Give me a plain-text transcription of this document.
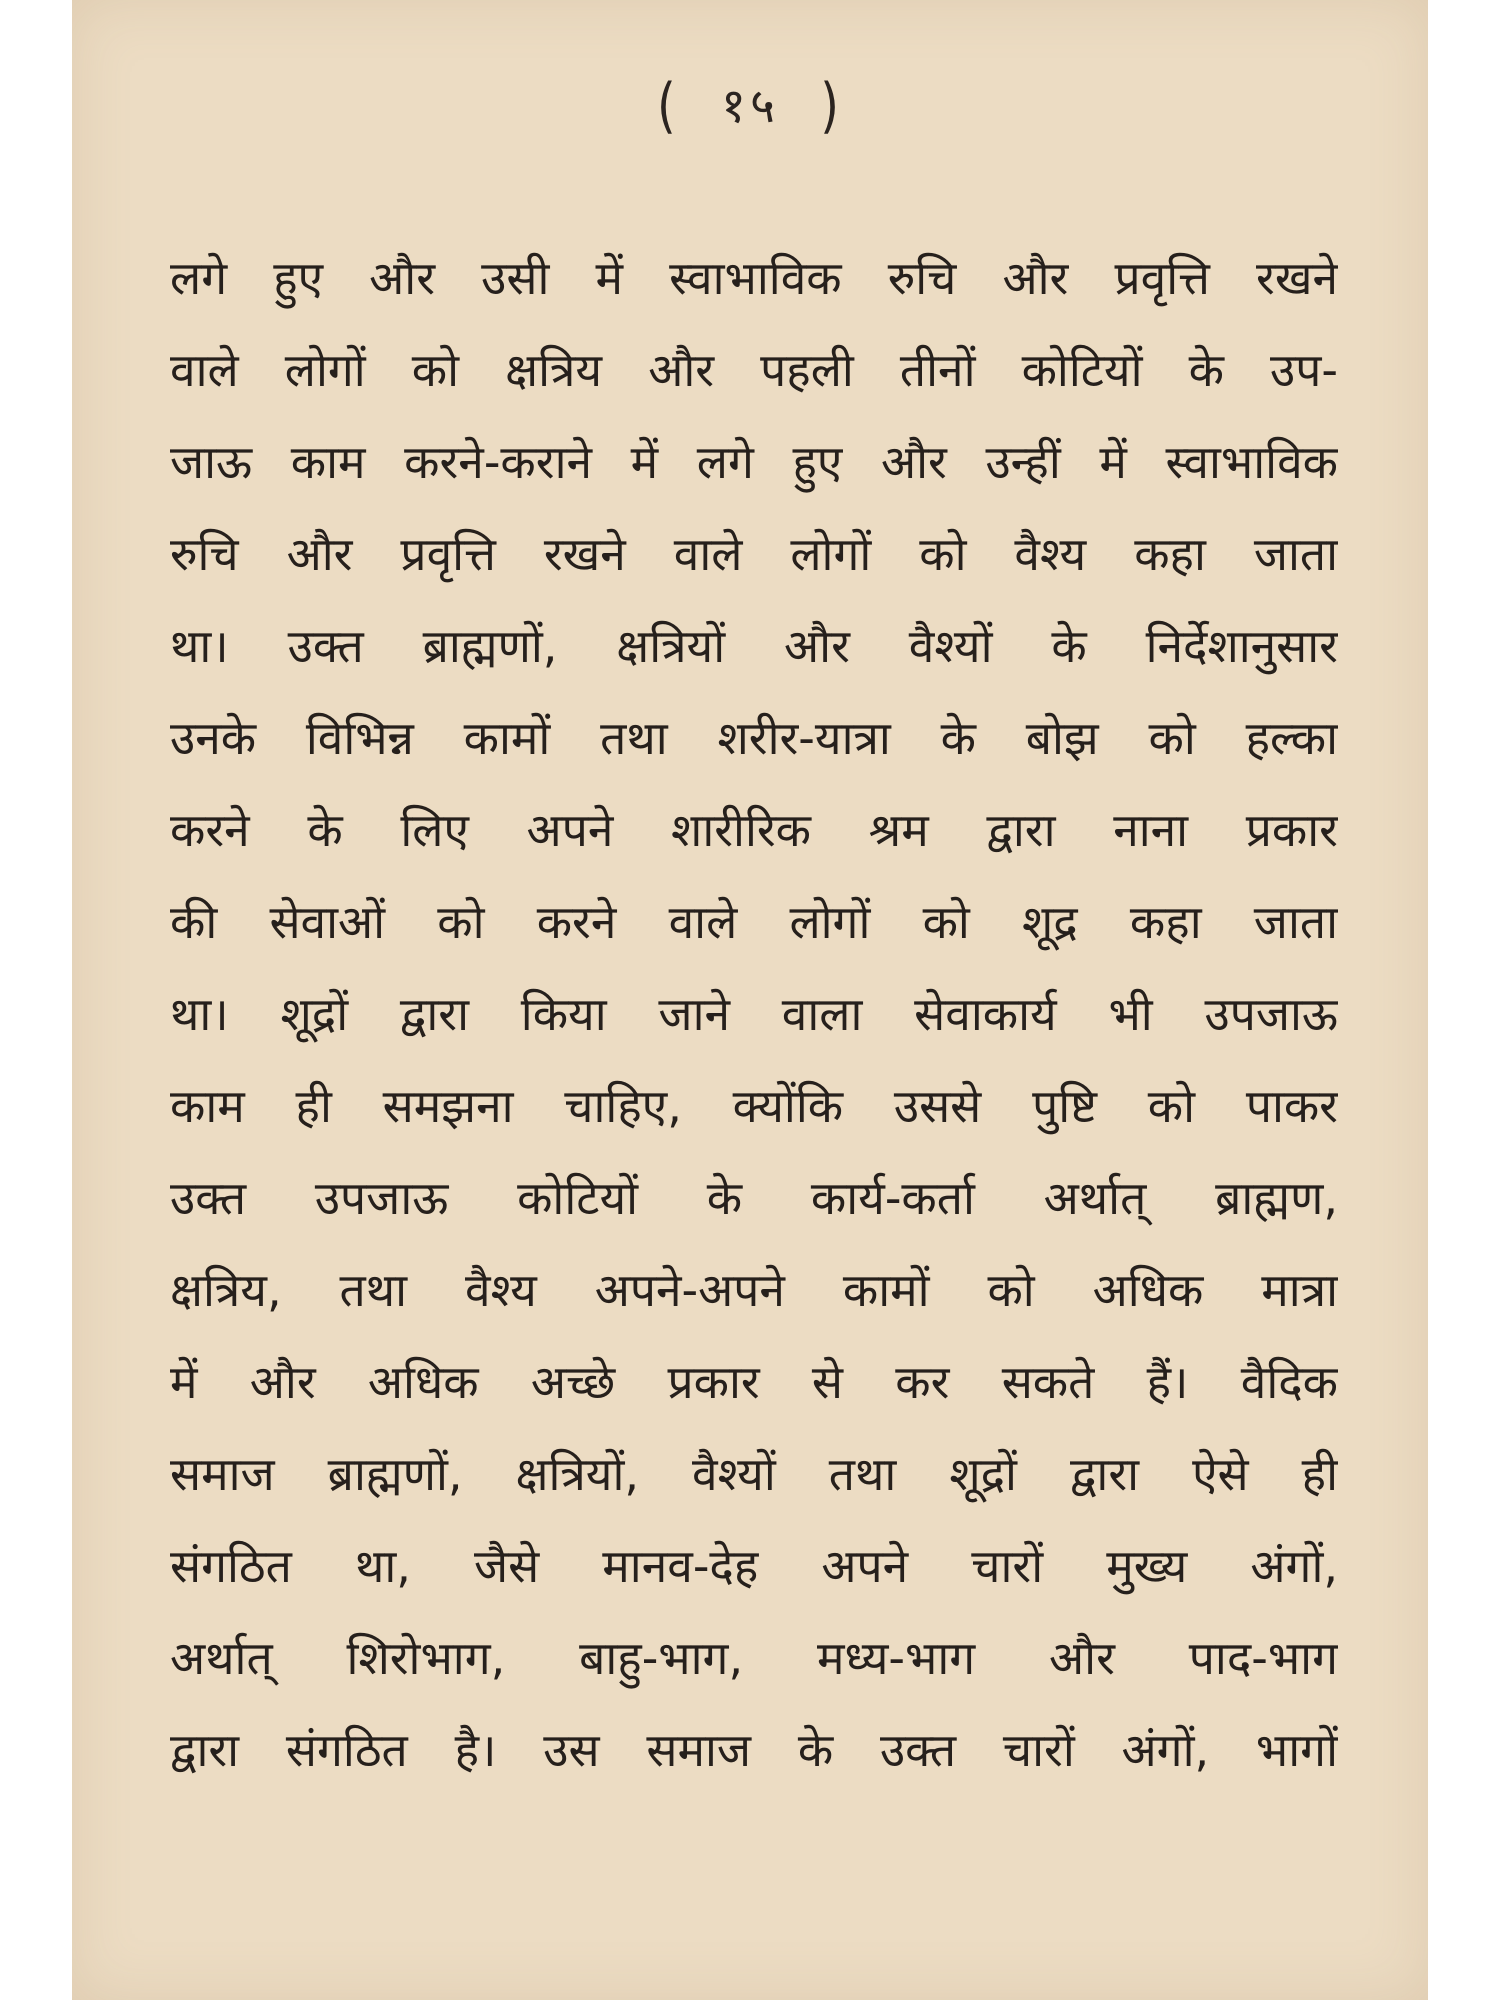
( १५ )
लगे हुए और उसी में स्वाभाविक रुचि और प्रवृत्ति रखने
वाले लोगों को क्षत्रिय और पहली तीनों कोटियों के उप-
जाऊ काम करने-कराने में लगे हुए और उन्हीं में स्वाभाविक
रुचि और प्रवृत्ति रखने वाले लोगों को वैश्य कहा जाता
था। उक्त ब्राह्मणों, क्षत्रियों और वैश्यों के निर्देशानुसार
उनके विभिन्न कामों तथा शरीर-यात्रा के बोझ को हल्का
करने के लिए अपने शारीरिक श्रम द्वारा नाना प्रकार
की सेवाओं को करने वाले लोगों को शूद्र कहा जाता
था। शूद्रों द्वारा किया जाने वाला सेवाकार्य भी उपजाऊ
काम ही समझना चाहिए, क्योंकि उससे पुष्टि को पाकर
उक्त उपजाऊ कोटियों के कार्य-कर्ता अर्थात् ब्राह्मण,
क्षत्रिय, तथा वैश्य अपने-अपने कामों को अधिक मात्रा
में और अधिक अच्छे प्रकार से कर सकते हैं। वैदिक
समाज ब्राह्मणों, क्षत्रियों, वैश्यों तथा शूद्रों द्वारा ऐसे ही
संगठित था, जैसे मानव-देह अपने चारों मुख्य अंगों,
अर्थात् शिरोभाग, बाहु-भाग, मध्य-भाग और पाद-भाग
द्वारा संगठित है। उस समाज के उक्त चारों अंगों, भागों
